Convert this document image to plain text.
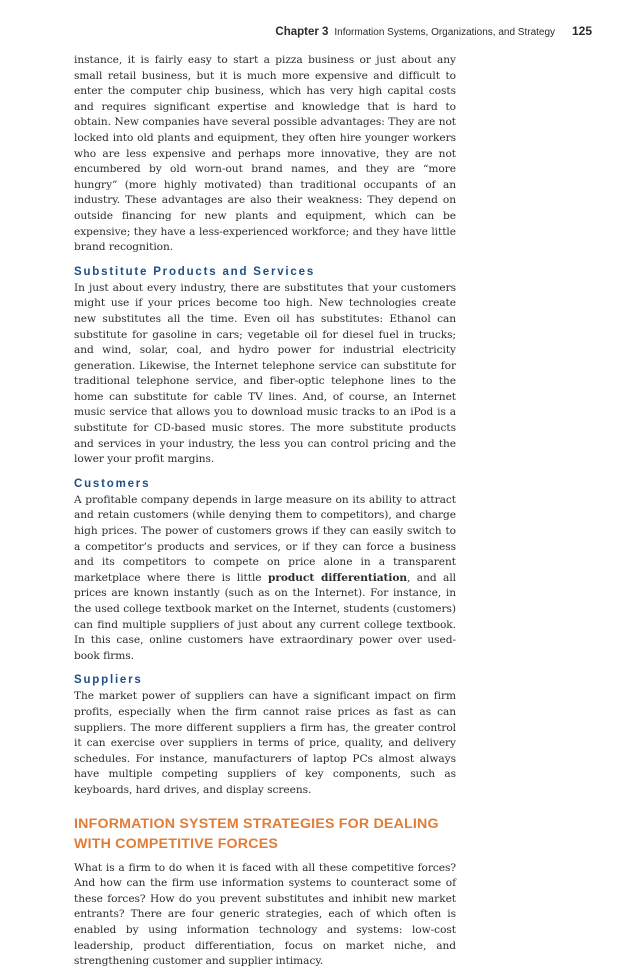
Chapter 3 Information Systems, Organizations, and Strategy 125

instance, it is fairly easy to start a pizza business or just about any small retail business, but it is much more expensive and difficult to enter the computer chip business, which has very high capital costs and requires significant expertise and knowledge that is hard to obtain. New companies have several possible advantages: They are not locked into old plants and equipment, they often hire younger workers who are less expensive and perhaps more innovative, they are not encumbered by old worn-out brand names, and they are “more hungry” (more highly motivated) than traditional occupants of an industry. These advantages are also their weakness: They depend on outside financing for new plants and equipment, which can be expensive; they have a less-experienced workforce; and they have little brand recognition.

Substitute Products and Services

In just about every industry, there are substitutes that your customers might use if your prices become too high. New technologies create new substitutes all the time. Even oil has substitutes: Ethanol can substitute for gasoline in cars; vegetable oil for diesel fuel in trucks; and wind, solar, coal, and hydro power for industrial electricity generation. Likewise, the Internet telephone service can substitute for traditional telephone service, and fiber-optic telephone lines to the home can substitute for cable TV lines. And, of course, an Internet music service that allows you to download music tracks to an iPod is a substitute for CD-based music stores. The more substitute products and services in your industry, the less you can control pricing and the lower your profit margins.

Customers

A profitable company depends in large measure on its ability to attract and retain customers (while denying them to competitors), and charge high prices. The power of customers grows if they can easily switch to a competitor’s products and services, or if they can force a business and its competitors to compete on price alone in a transparent marketplace where there is little product differentiation, and all prices are known instantly (such as on the Internet). For instance, in the used college textbook market on the Internet, students (customers) can find multiple suppliers of just about any current college textbook. In this case, online customers have extraordinary power over used-book firms.

Suppliers

The market power of suppliers can have a significant impact on firm profits, especially when the firm cannot raise prices as fast as can suppliers. The more different suppliers a firm has, the greater control it can exercise over suppliers in terms of price, quality, and delivery schedules. For instance, manufacturers of laptop PCs almost always have multiple competing suppliers of key components, such as keyboards, hard drives, and display screens.

INFORMATION SYSTEM STRATEGIES FOR DEALING WITH COMPETITIVE FORCES

What is a firm to do when it is faced with all these competitive forces? And how can the firm use information systems to counteract some of these forces? How do you prevent substitutes and inhibit new market entrants? There are four generic strategies, each of which often is enabled by using information technology and systems: low-cost leadership, product differentiation, focus on market niche, and strengthening customer and supplier intimacy.
